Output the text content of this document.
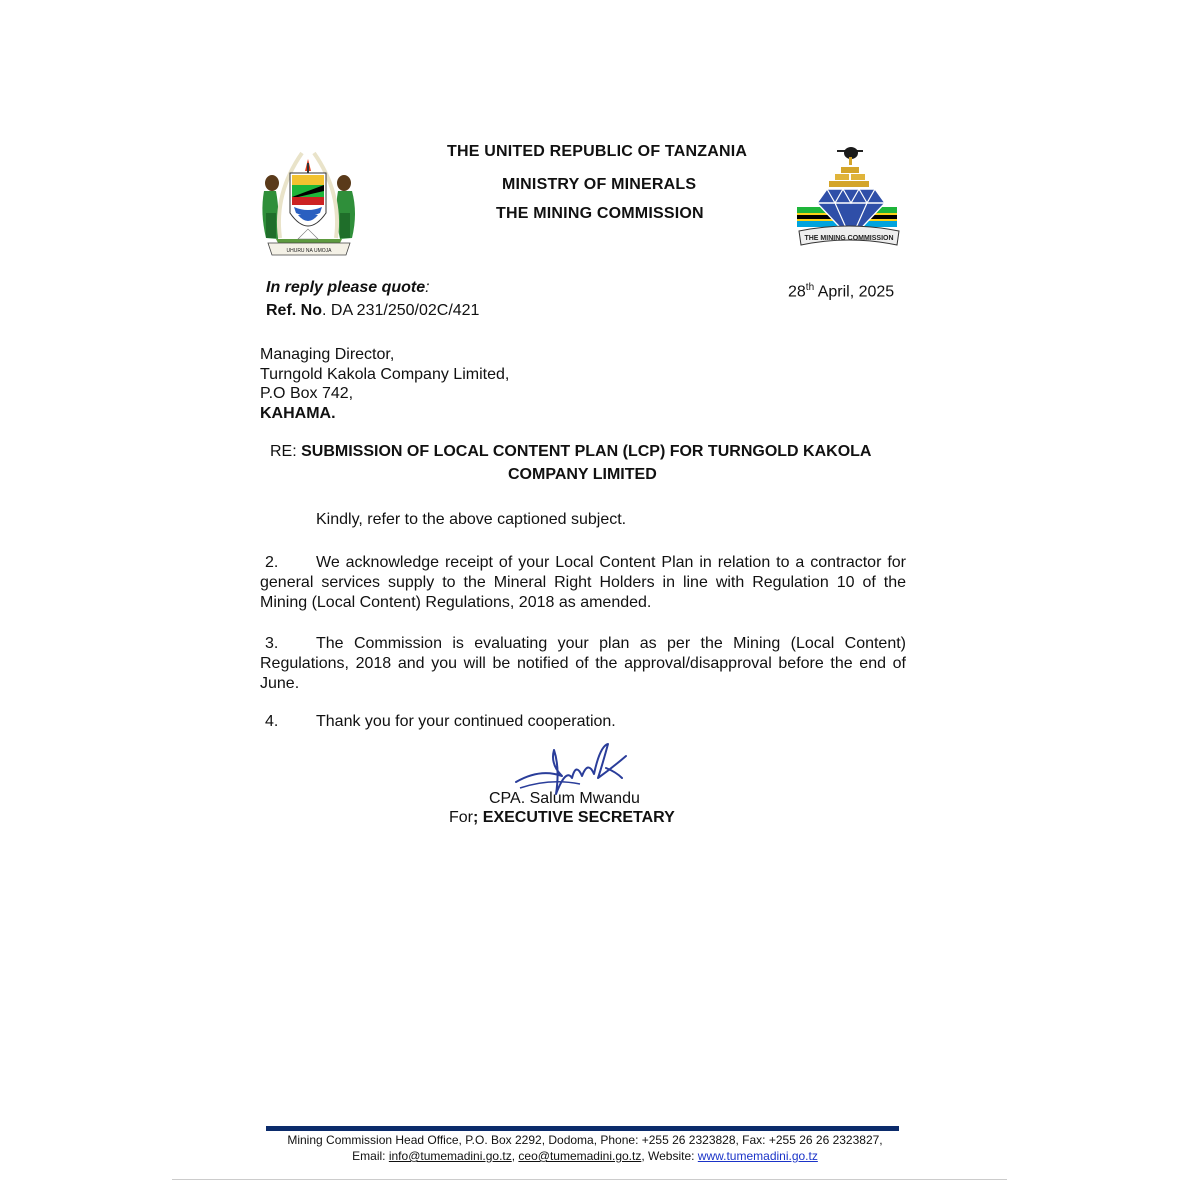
UHURU NA UMOJA
THE UNITED REPUBLIC OF TANZANIA
MINISTRY OF MINERALS
THE MINING COMMISSION
THE MINING COMMISSION
In reply please quote:
Ref. No. DA 231/250/02C/421
28th April, 2025
Managing Director,
Turngold Kakola Company Limited,
P.O Box 742,
KAHAMA.
RE: SUBMISSION OF LOCAL CONTENT PLAN (LCP) FOR TURNGOLD KAKOLA
COMPANY LIMITED
Kindly, refer to the above captioned subject.
2. We acknowledge receipt of your Local Content Plan in relation to a contractor for general services supply to the Mineral Right Holders in line with Regulation 10 of the Mining (Local Content) Regulations, 2018 as amended.
3. The Commission is evaluating your plan as per the Mining (Local Content) Regulations, 2018 and you will be notified of the approval/disapproval before the end of June.
4. Thank you for your continued cooperation.
CPA. Salum Mwandu
For; EXECUTIVE SECRETARY
Mining Commission Head Office, P.O. Box 2292, Dodoma, Phone: +255 26 2323828, Fax: +255 26 26 2323827,
Email: info@tumemadini.go.tz, ceo@tumemadini.go.tz, Website: www.tumemadini.go.tz
